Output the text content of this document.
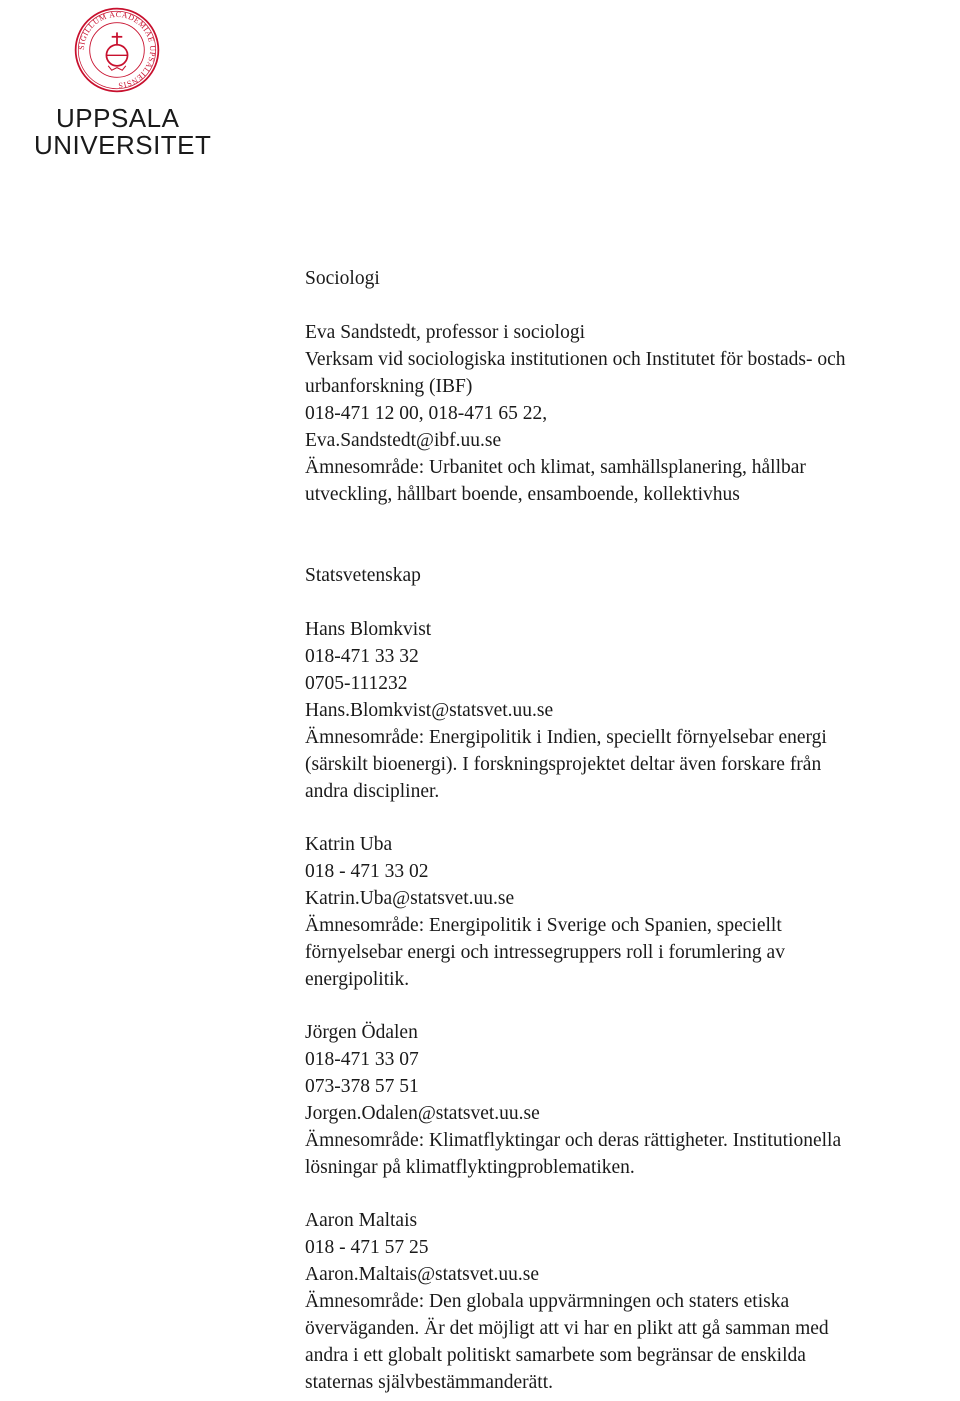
SIGILLUM ACADEMIAE UPSALIENSIS
UPPSALA
UNIVERSITET
Sociologi
Eva Sandstedt, professor i sociologi
Verksam vid sociologiska institutionen och Institutet för bostads- och
urbanforskning (IBF)
018-471 12 00, 018-471 65 22,
Eva.Sandstedt@ibf.uu.se
Ämnesområde: Urbanitet och klimat, samhällsplanering, hållbar
utveckling, hållbart boende, ensamboende, kollektivhus
Statsvetenskap
Hans Blomkvist
018-471 33 32
0705-111232
Hans.Blomkvist@statsvet.uu.se
Ämnesområde: Energipolitik i Indien, speciellt förnyelsebar energi
(särskilt bioenergi). I forskningsprojektet deltar även forskare från
andra discipliner.
Katrin Uba
018 - 471 33 02
Katrin.Uba@statsvet.uu.se
Ämnesområde: Energipolitik i Sverige och Spanien, speciellt
förnyelsebar energi och intressegruppers roll i forumlering av
energipolitik.
Jörgen Ödalen
018-471 33 07
073-378 57 51
Jorgen.Odalen@statsvet.uu.se
Ämnesområde: Klimatflyktingar och deras rättigheter. Institutionella
lösningar på klimatflyktingproblematiken.
Aaron Maltais
018 - 471 57 25
Aaron.Maltais@statsvet.uu.se
Ämnesområde: Den globala uppvärmningen och staters etiska
överväganden. Är det möjligt att vi har en plikt att gå samman med
andra i ett globalt politiskt samarbete som begränsar de enskilda
staternas självbestämmanderätt.
